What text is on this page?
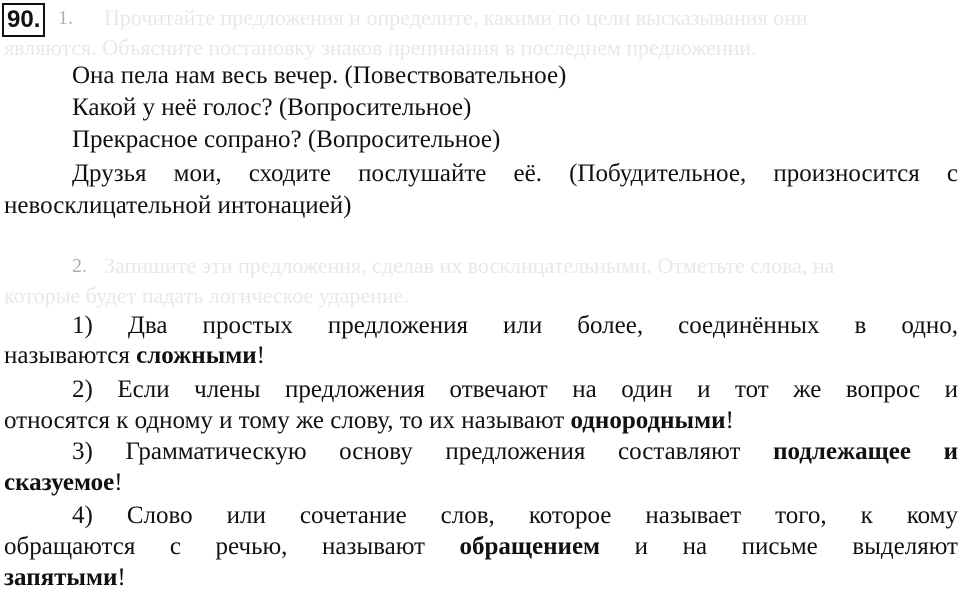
90. 1. Прочитайте предложения и определите, какими по цели высказывания они
являются. Объясните постановку знаков препинания в последнем предложении.
Она пела нам весь вечер. (Повествовательное)
Какой у неё голос? (Вопросительное)
Прекрасное сопрано? (Вопросительное)
Друзья мои, сходите послушайте её. (Побудительное, произносится с
невосклицательной интонацией)
2. Запишите эти предложения, сделав их восклицательными. Отметьте слова, на
которые будет падать логическое ударение.
1) Два простых предложения или более, соединённых в одно,
называются сложными!
2) Если члены предложения отвечают на один и тот же вопрос и
относятся к одному и тому же слову, то их называют однородными!
3) Грамматическую основу предложения составляют подлежащее и
сказуемое!
4) Слово или сочетание слов, которое называет того, к кому
обращаются с речью, называют обращением и на письме выделяют
запятыми!
